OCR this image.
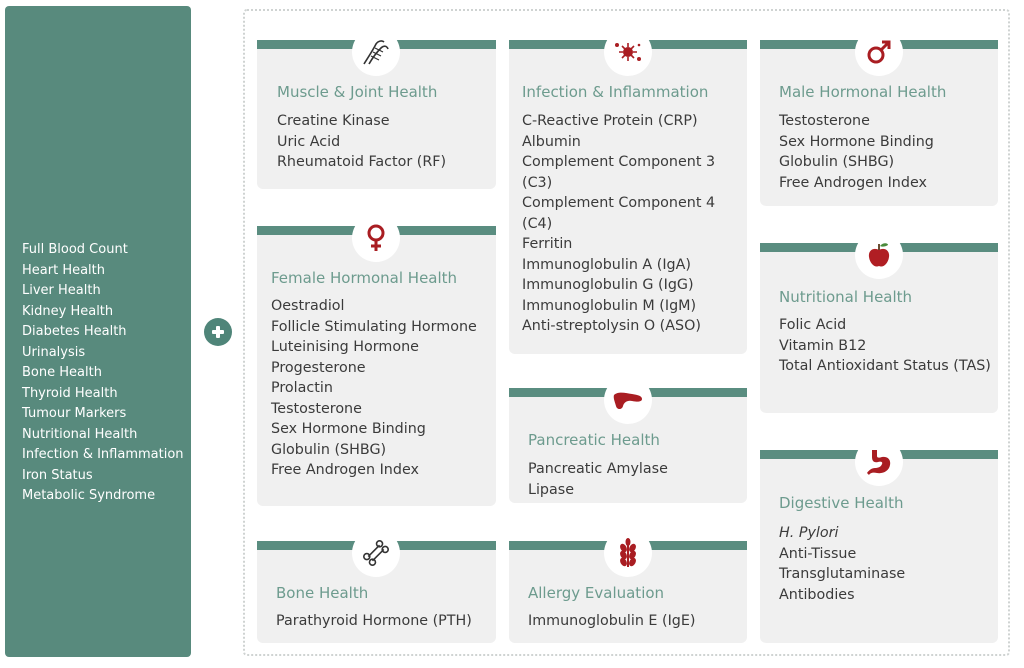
Full Blood Count
Heart Health
Liver Health
Kidney Health
Diabetes Health
Urinalysis
Bone Health
Thyroid Health
Tumour Markers
Nutritional Health
Infection & Inflammation
Iron Status
Metabolic Syndrome
Muscle & Joint Health
Creatine Kinase
Uric Acid
Rheumatoid Factor (RF)
Infection & Inflammation
C-Reactive Protein (CRP)
Albumin
Complement Component 3
(C3)
Complement Component 4
(C4)
Ferritin
Immunoglobulin A (IgA)
Immunoglobulin G (IgG)
Immunoglobulin M (IgM)
Anti-streptolysin O (ASO)
Male Hormonal Health
Testosterone
Sex Hormone Binding
Globulin (SHBG)
Free Androgen Index
Female Hormonal Health
Oestradiol
Follicle Stimulating Hormone
Luteinising Hormone
Progesterone
Prolactin
Testosterone
Sex Hormone Binding
Globulin (SHBG)
Free Androgen Index
Nutritional Health
Folic Acid
Vitamin B12
Total Antioxidant Status (TAS)
Pancreatic Health
Pancreatic Amylase
Lipase
Digestive Health
H. Pylori
Anti-Tissue
Transglutaminase
Antibodies
Bone Health
Parathyroid Hormone (PTH)
Allergy Evaluation
Immunoglobulin E (IgE)
